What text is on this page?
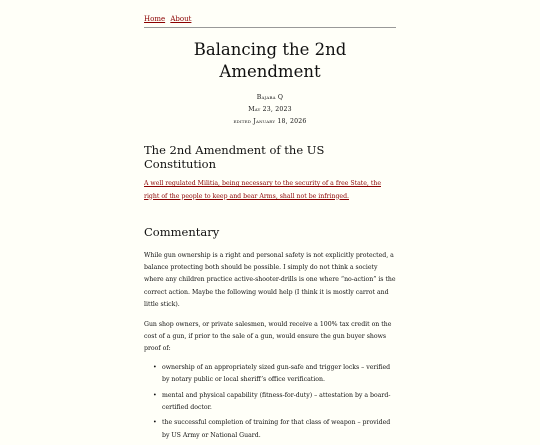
Home About
Balancing the 2nd Amendment
Bajaba Q
May 23, 2023
edited January 18, 2026
The 2nd Amendment of the US Constitution
A well regulated Militia, being necessary to the security of a free State, the right of the people to keep and bear Arms, shall not be infringed.
Commentary

While gun ownership is a right and personal safety is not explicitly protected, a balance protecting both should be possible. I simply do not think a society where any children practice active-shooter-drills is one where “no-action” is the correct action. Maybe the following would help (I think it is mostly carrot and little stick).

Gun shop owners, or private salesmen, would receive a 100% tax credit on the cost of a gun, if prior to the sale of a gun, would ensure the gun buyer shows proof of:

• ownership of an appropriately sized gun-safe and trigger locks – verified by notary public or local sheriff’s office verification.
• mental and physical capability (fitness-for-duty) – attestation by a board-certified doctor.
• the successful completion of training for that class of weapon – provided by US Army or National Guard.
